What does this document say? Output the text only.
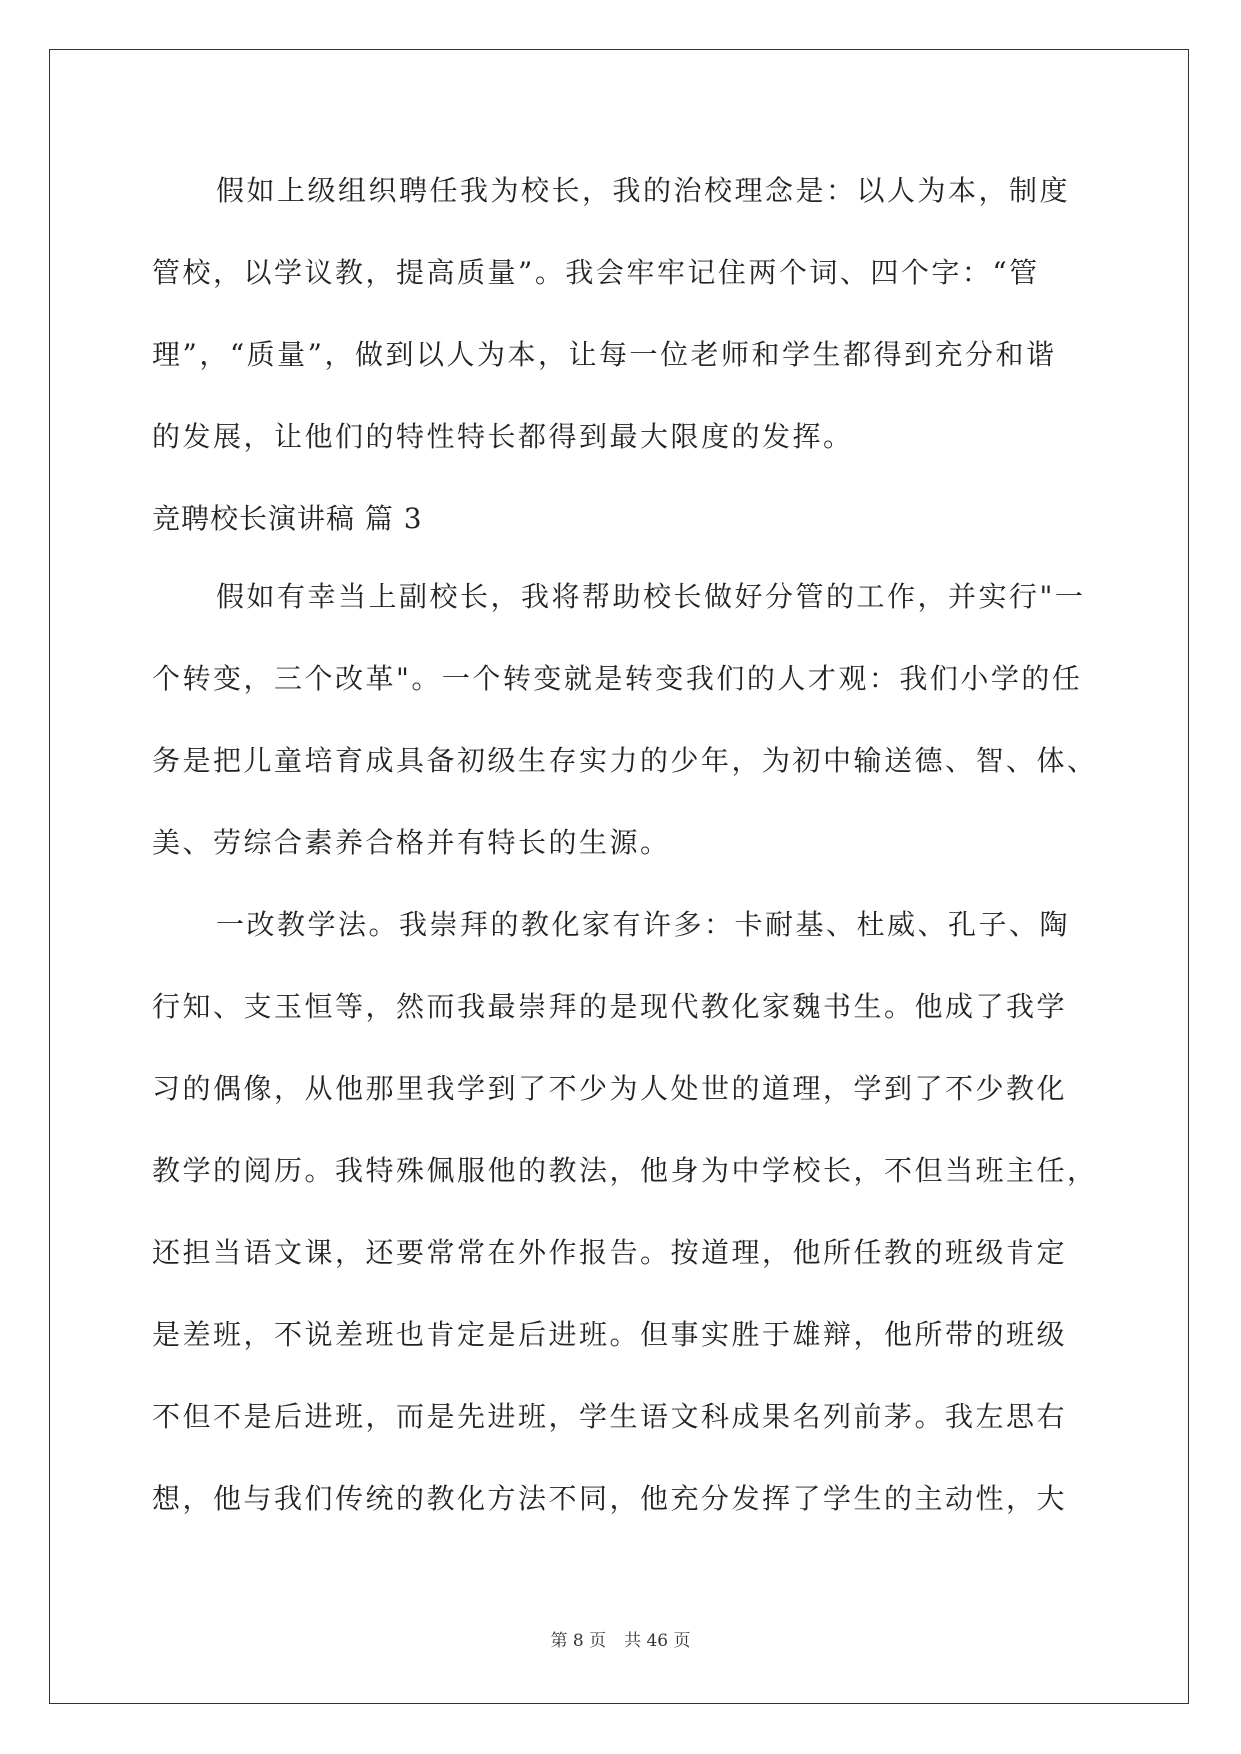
假如上级组织聘任我为校长，我的治校理念是：以人为本，制度
管校，以学议教，提高质量”。我会牢牢记住两个词、四个字：“管
理”，“质量”，做到以人为本，让每一位老师和学生都得到充分和谐
的发展，让他们的特性特长都得到最大限度的发挥。
竞聘校长演讲稿 篇 3
假如有幸当上副校长，我将帮助校长做好分管的工作，并实行"一
个转变，三个改革"。一个转变就是转变我们的人才观：我们小学的任
务是把儿童培育成具备初级生存实力的少年，为初中输送德、智、体、
美、劳综合素养合格并有特长的生源。
一改教学法。我崇拜的教化家有许多：卡耐基、杜威、孔子、陶
行知、支玉恒等，然而我最崇拜的是现代教化家魏书生。他成了我学
习的偶像，从他那里我学到了不少为人处世的道理，学到了不少教化
教学的阅历。我特殊佩服他的教法，他身为中学校长，不但当班主任，
还担当语文课，还要常常在外作报告。按道理，他所任教的班级肯定
是差班，不说差班也肯定是后进班。但事实胜于雄辩，他所带的班级
不但不是后进班，而是先进班，学生语文科成果名列前茅。我左思右
想，他与我们传统的教化方法不同，他充分发挥了学生的主动性，大
第 8 页 共 46 页
